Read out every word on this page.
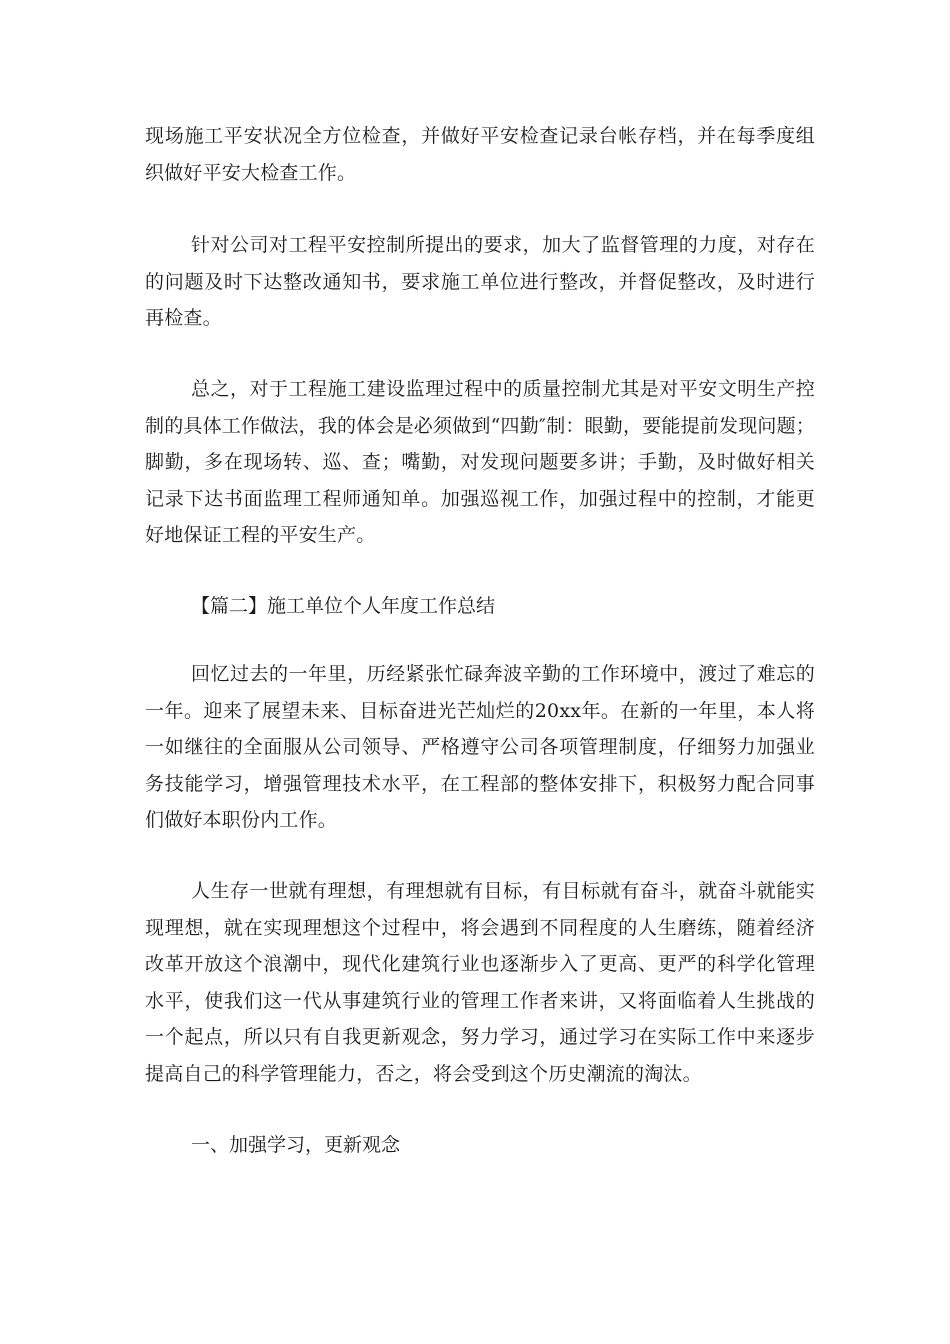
现场施工平安状况全方位检查，并做好平安检查记录台帐存档，并在每季度组织做好平安大检查工作。

针对公司对工程平安控制所提出的要求，加大了监督管理的力度，对存在的问题及时下达整改通知书，要求施工单位进行整改，并督促整改，及时进行再检查。

总之，对于工程施工建设监理过程中的质量控制尤其是对平安文明生产控制的具体工作做法，我的体会是必须做到“四勤″制：眼勤，要能提前发现问题；脚勤，多在现场转、巡、查；嘴勤，对发现问题要多讲；手勤，及时做好相关记录下达书面监理工程师通知单。加强巡视工作，加强过程中的控制，才能更好地保证工程的平安生产。

【篇二】施工单位个人年度工作总结

回忆过去的一年里，历经紧张忙碌奔波辛勤的工作环境中，渡过了难忘的一年。迎来了展望未来、目标奋进光芒灿烂的20xx年。在新的一年里，本人将一如继往的全面服从公司领导、严格遵守公司各项管理制度，仔细努力加强业务技能学习，增强管理技术水平，在工程部的整体安排下，积极努力配合同事们做好本职份内工作。

人生存一世就有理想，有理想就有目标，有目标就有奋斗，就奋斗就能实现理想，就在实现理想这个过程中，将会遇到不同程度的人生磨练，随着经济改革开放这个浪潮中，现代化建筑行业也逐渐步入了更高、更严的科学化管理水平，使我们这一代从事建筑行业的管理工作者来讲，又将面临着人生挑战的一个起点，所以只有自我更新观念，努力学习，通过学习在实际工作中来逐步提高自己的科学管理能力，否之，将会受到这个历史潮流的淘汰。

一、加强学习，更新观念
